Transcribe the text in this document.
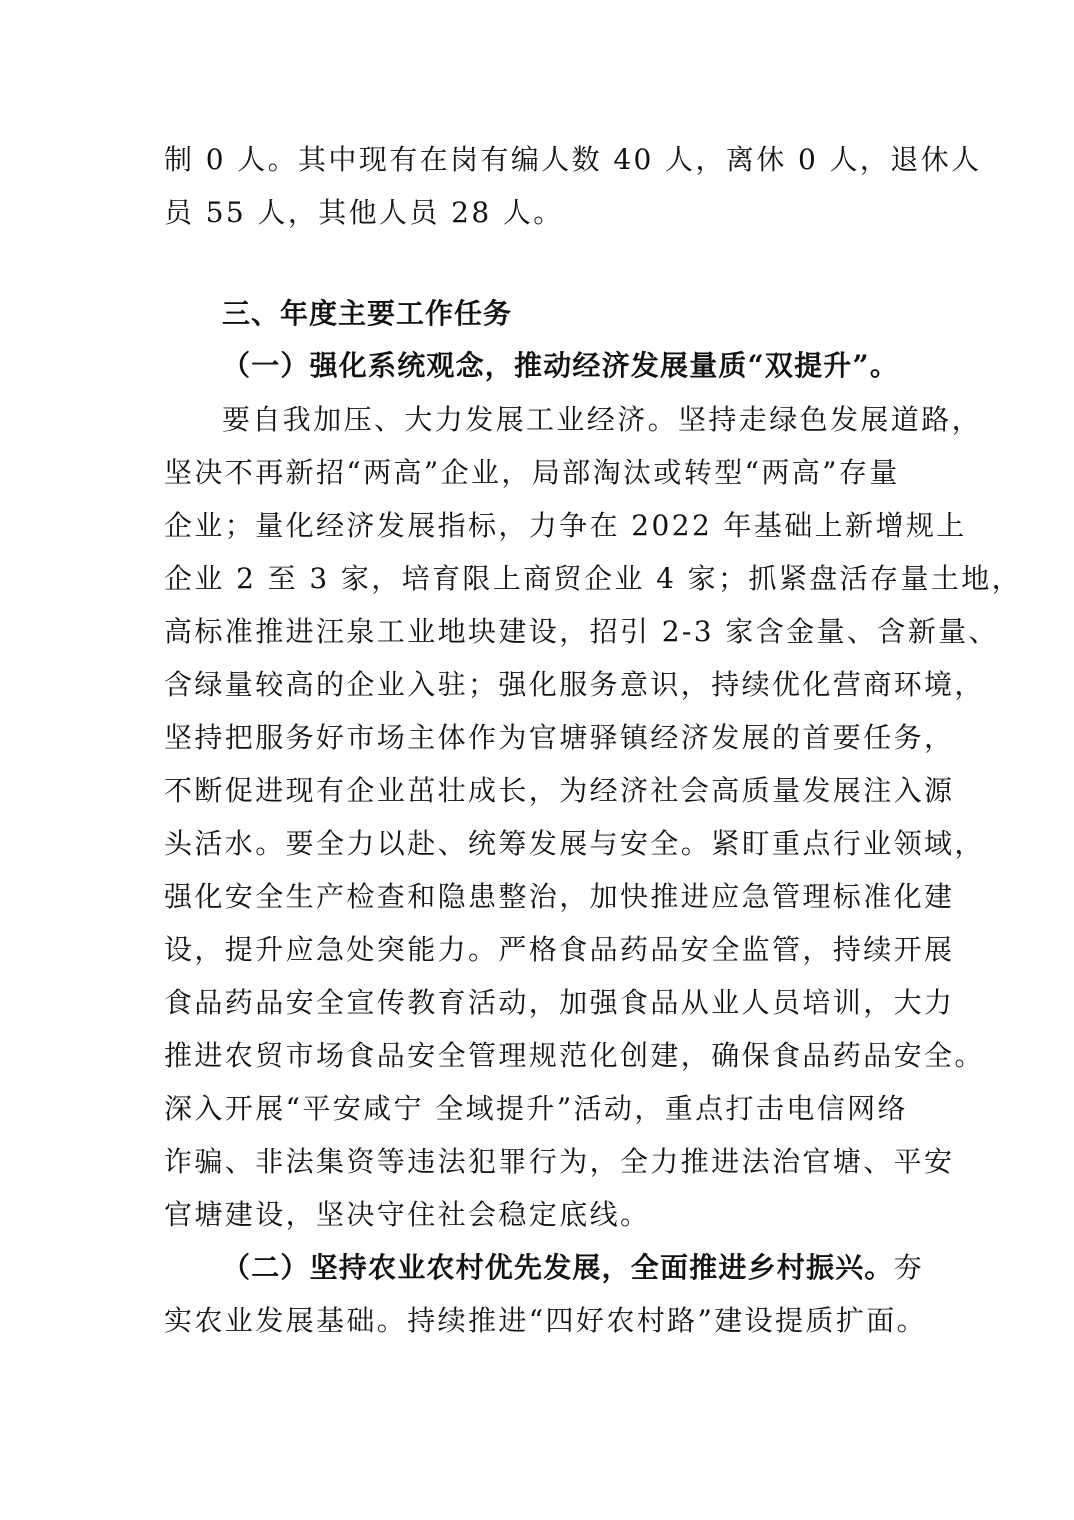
制 0 人。其中现有在岗有编人数 40 人，离休 0 人，退休人
员 55 人，其他人员 28 人。
三、年度主要工作任务
（一）强化系统观念，推动经济发展量质“双提升”。
要自我加压、大力发展工业经济。坚持走绿色发展道路，
坚决不再新招“两高”企业，局部淘汰或转型“两高”存量
企业；量化经济发展指标，力争在 2022 年基础上新增规上
企业 2 至 3 家，培育限上商贸企业 4 家；抓紧盘活存量土地，
高标准推进汪泉工业地块建设，招引 2-3 家含金量、含新量、
含绿量较高的企业入驻；强化服务意识，持续优化营商环境，
坚持把服务好市场主体作为官塘驿镇经济发展的首要任务，
不断促进现有企业茁壮成长，为经济社会高质量发展注入源
头活水。要全力以赴、统筹发展与安全。紧盯重点行业领域，
强化安全生产检查和隐患整治，加快推进应急管理标准化建
设，提升应急处突能力。严格食品药品安全监管，持续开展
食品药品安全宣传教育活动，加强食品从业人员培训，大力
推进农贸市场食品安全管理规范化创建，确保食品药品安全。
深入开展“平安咸宁 全域提升”活动，重点打击电信网络
诈骗、非法集资等违法犯罪行为，全力推进法治官塘、平安
官塘建设，坚决守住社会稳定底线。
（二）坚持农业农村优先发展，全面推进乡村振兴。夯
实农业发展基础。持续推进“四好农村路”建设提质扩面。
